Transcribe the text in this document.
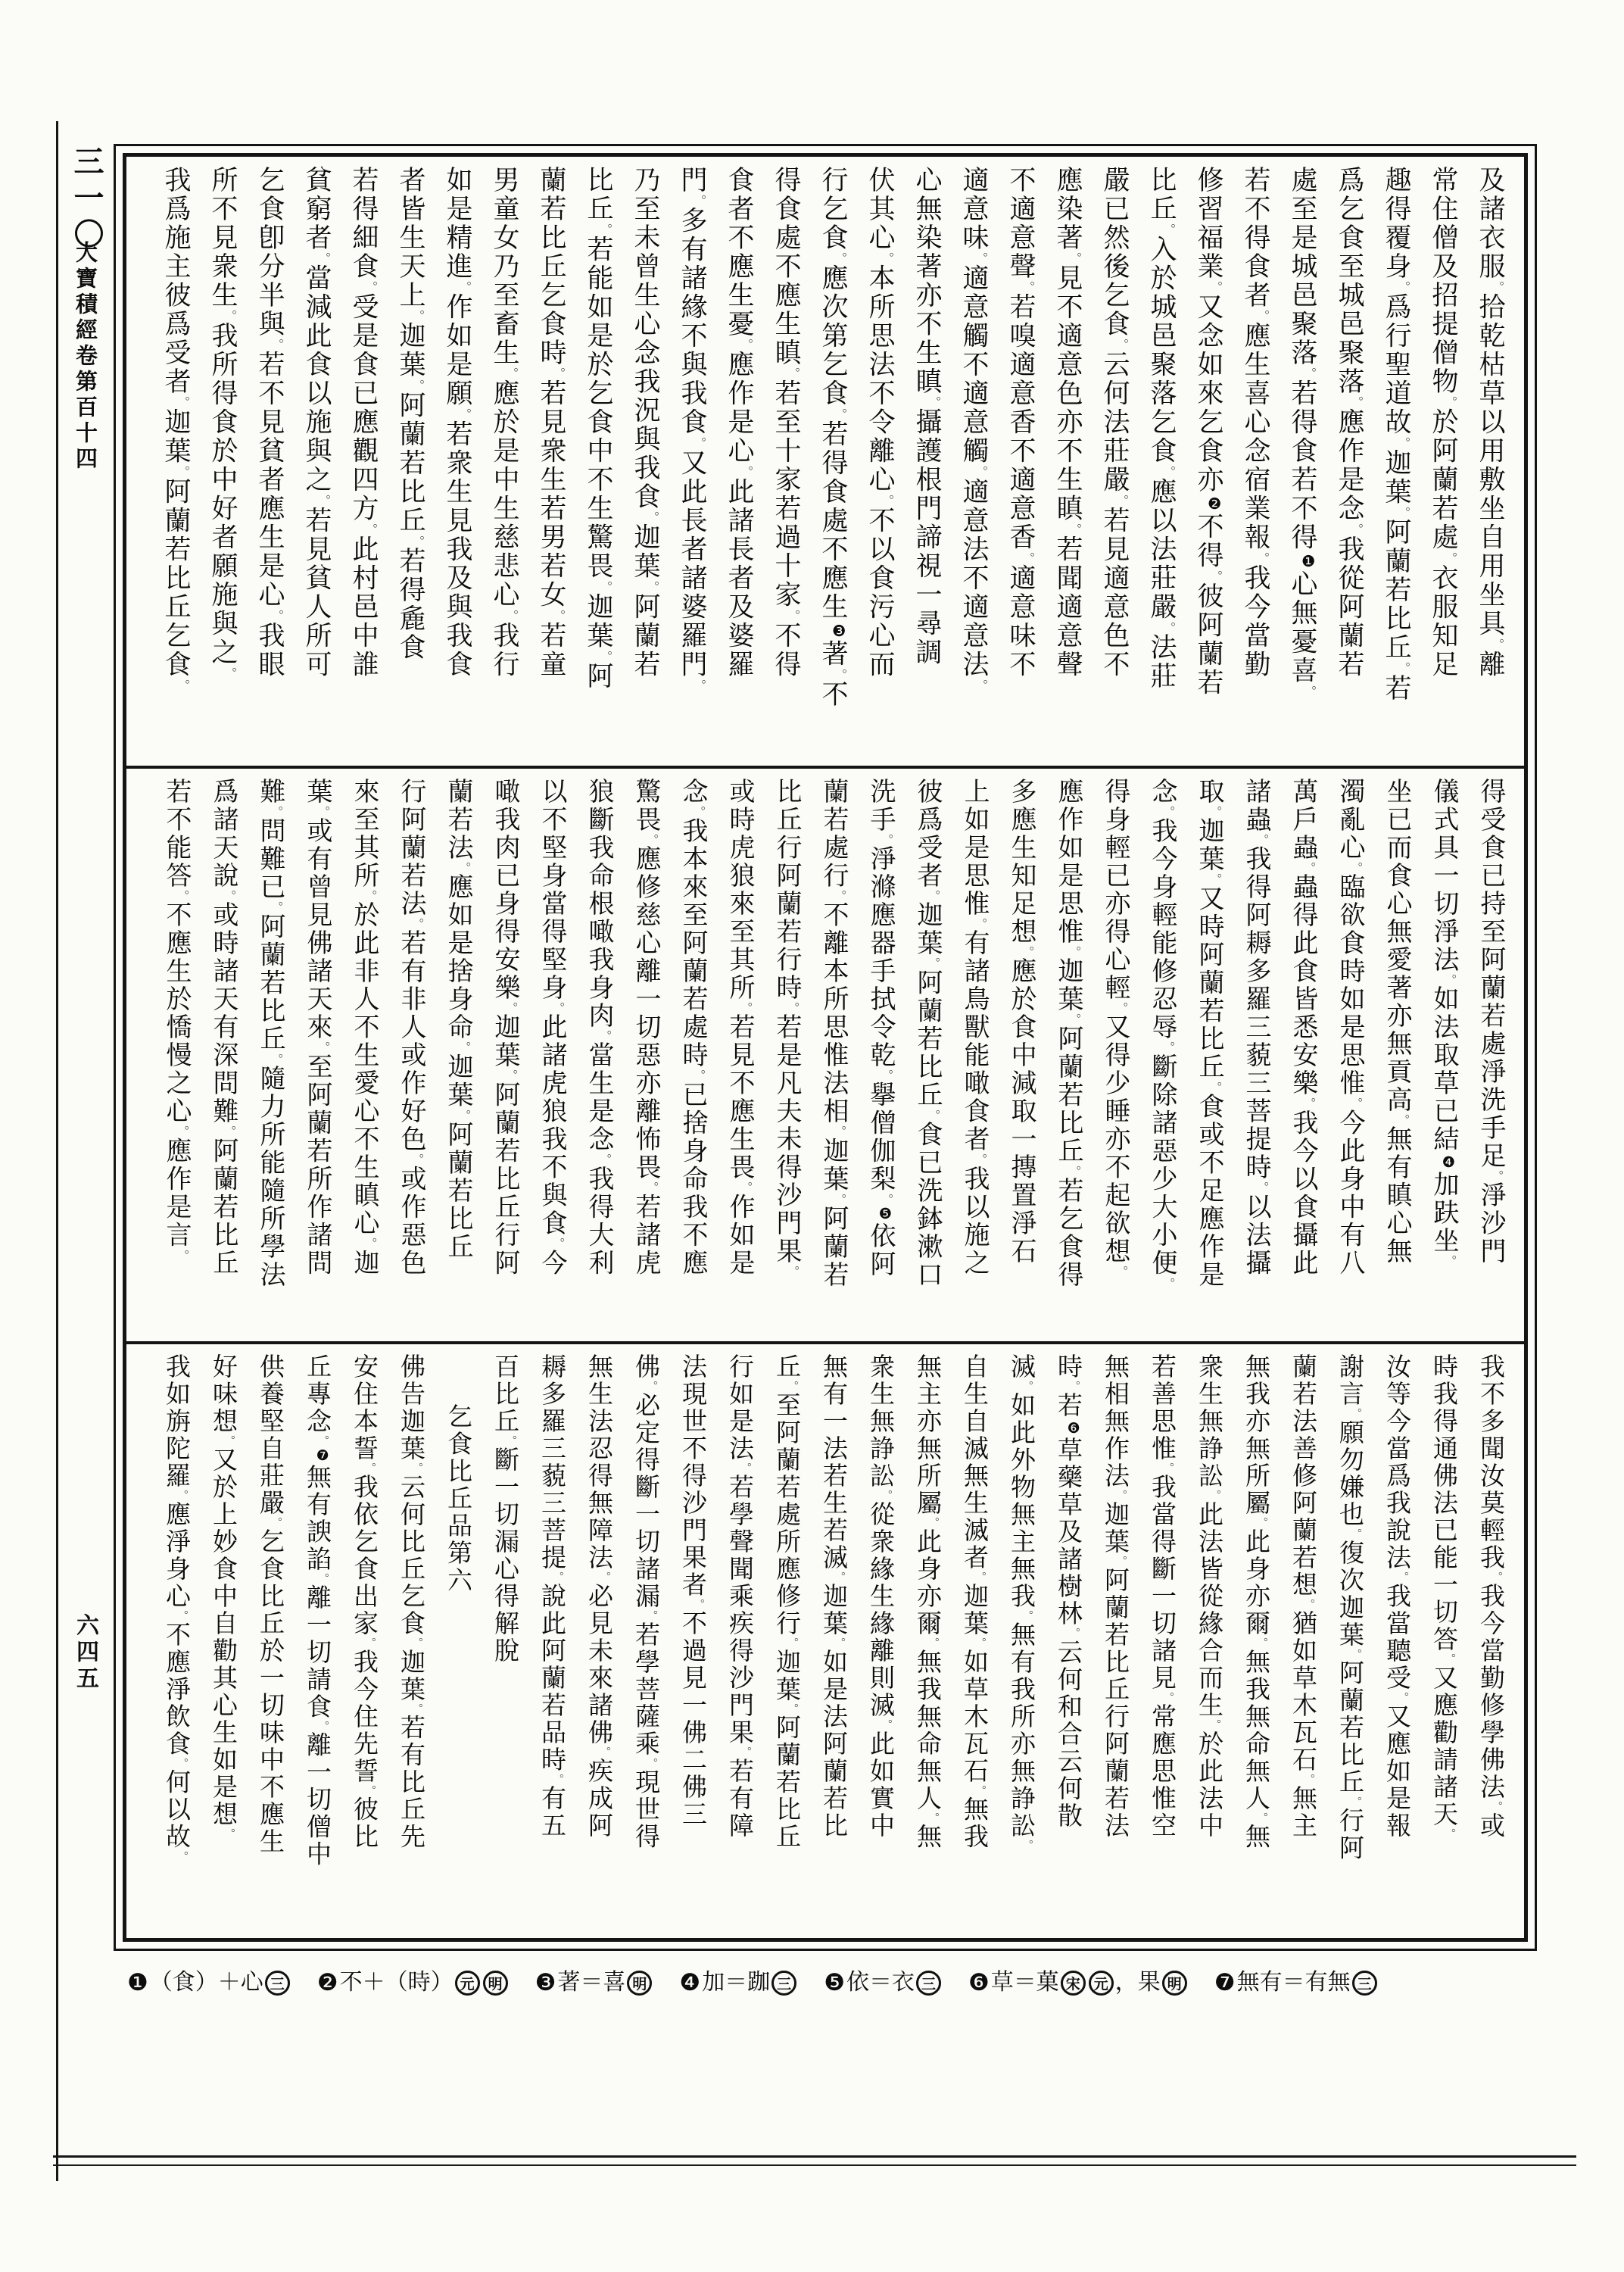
三一〇
大寶積經卷第百十四
六四五
及諸衣服。拾乾枯草以用敷坐自用坐具。離
常住僧及招提僧物。於阿蘭若處。衣服知足
趣得覆身。爲行聖道故。迦葉。阿蘭若比丘。若
爲乞食至城邑聚落。應作是念。我從阿蘭若
處至是城邑聚落。若得食若不得❶心無憂喜。
若不得食者。應生喜心念宿業報。我今當勤
修習福業。又念如來乞食亦❷不得。彼阿蘭若
比丘。入於城邑聚落乞食。應以法莊嚴。法莊
嚴已然後乞食。云何法莊嚴。若見適意色不
應染著。見不適意色亦不生瞋。若聞適意聲
不適意聲。若嗅適意香不適意香。適意味不
適意味。適意觸不適意觸。適意法不適意法。
心無染著亦不生瞋。攝護根門諦視一尋調
伏其心。本所思法不令離心。不以食污心而
行乞食。應次第乞食。若得食處不應生❸著。不
得食處不應生瞋。若至十家若過十家。不得
食者不應生憂。應作是心。此諸長者及婆羅
門。多有諸緣不與我食。又此長者諸婆羅門。
乃至未曾生心念我況與我食。迦葉。阿蘭若
比丘。若能如是於乞食中不生驚畏。迦葉。阿
蘭若比丘乞食時。若見衆生若男若女。若童
男童女乃至畜生。應於是中生慈悲心。我行
如是精進。作如是願。若衆生見我及與我食
者皆生天上。迦葉。阿蘭若比丘。若得麁食
若得細食。受是食已應觀四方。此村邑中誰
貧窮者。當減此食以施與之。若見貧人所可
乞食卽分半與。若不見貧者應生是心。我眼
所不見衆生。我所得食於中好者願施與之。
我爲施主彼爲受者。迦葉。阿蘭若比丘乞食。
得受食已持至阿蘭若處淨洗手足。淨沙門
儀式具一切淨法。如法取草已結❹加趺坐。
坐已而食心無愛著亦無貢高。無有瞋心無
濁亂心。臨欲食時如是思惟。今此身中有八
萬戶蟲。蟲得此食皆悉安樂。我今以食攝此
諸蟲。我得阿耨多羅三藐三菩提時。以法攝
取。迦葉。又時阿蘭若比丘。食或不足應作是
念。我今身輕能修忍辱。斷除諸惡少大小便。
得身輕已亦得心輕。又得少睡亦不起欲想。
應作如是思惟。迦葉。阿蘭若比丘。若乞食得
多應生知足想。應於食中減取一摶置淨石
上如是思惟。有諸鳥獸能噉食者。我以施之
彼爲受者。迦葉。阿蘭若比丘。食已洗鉢漱口
洗手。淨滌應器手拭令乾。擧僧伽梨。❺依阿
蘭若處行。不離本所思惟法相。迦葉。阿蘭若
比丘行阿蘭若行時。若是凡夫未得沙門果。
或時虎狼來至其所。若見不應生畏。作如是
念。我本來至阿蘭若處時。已捨身命我不應
驚畏。應修慈心離一切惡亦離怖畏。若諸虎
狼斷我命根噉我身肉。當生是念。我得大利
以不堅身當得堅身。此諸虎狼我不與食。今
噉我肉已身得安樂。迦葉。阿蘭若比丘行阿
蘭若法。應如是捨身命。迦葉。阿蘭若比丘
行阿蘭若法。若有非人或作好色。或作惡色
來至其所。於此非人不生愛心不生瞋心。迦
葉。或有曾見佛諸天來。至阿蘭若所作諸問
難。問難已。阿蘭若比丘。隨力所能隨所學法
爲諸天說。或時諸天有深問難。阿蘭若比丘
若不能答。不應生於憍慢之心。應作是言。
我不多聞汝莫輕我。我今當勤修學佛法。或
時我得通佛法已能一切答。又應勸請諸天。
汝等今當爲我說法。我當聽受。又應如是報
謝言。願勿嫌也。復次迦葉。阿蘭若比丘。行阿
蘭若法善修阿蘭若想。猶如草木瓦石。無主
無我亦無所屬。此身亦爾。無我無命無人。無
衆生無諍訟。此法皆從緣合而生。於此法中
若善思惟。我當得斷一切諸見。常應思惟空
無相無作法。迦葉。阿蘭若比丘行阿蘭若法
時。若❻草藥草及諸樹林。云何和合云何散
滅。如此外物無主無我。無有我所亦無諍訟。
自生自滅無生滅者。迦葉。如草木瓦石。無我
無主亦無所屬。此身亦爾。無我無命無人。無
衆生無諍訟。從衆緣生緣離則滅。此如實中
無有一法若生若滅。迦葉。如是法阿蘭若比
丘。至阿蘭若處所應修行。迦葉。阿蘭若比丘
行如是法。若學聲聞乘疾得沙門果。若有障
法現世不得沙門果者。不過見一佛二佛三
佛。必定得斷一切諸漏。若學菩薩乘。現世得
無生法忍得無障法。必見未來諸佛。疾成阿
耨多羅三藐三菩提。說此阿蘭若品時。有五
百比丘。斷一切漏心得解脫
乞食比丘品第六
佛告迦葉。云何比丘乞食。迦葉。若有比丘先
安住本誓。我依乞食出家。我今住先誓。彼比
丘專念。❼無有諛諂。離一切請食。離一切僧中
供養堅自莊嚴。乞食比丘於一切味中不應生
好味想。又於上妙食中自勸其心生如是想。
我如旃陀羅。應淨身心。不應淨飲食。何以故。
❶ （食）＋心 三 ❷ 不＋（時） 元 明 ❸ 著＝喜 明 ❹ 加＝跏 三 ❺ 依＝衣 三 ❻ 草＝菓 宋 元 ，果 明 ❼ 無有＝有無 三
